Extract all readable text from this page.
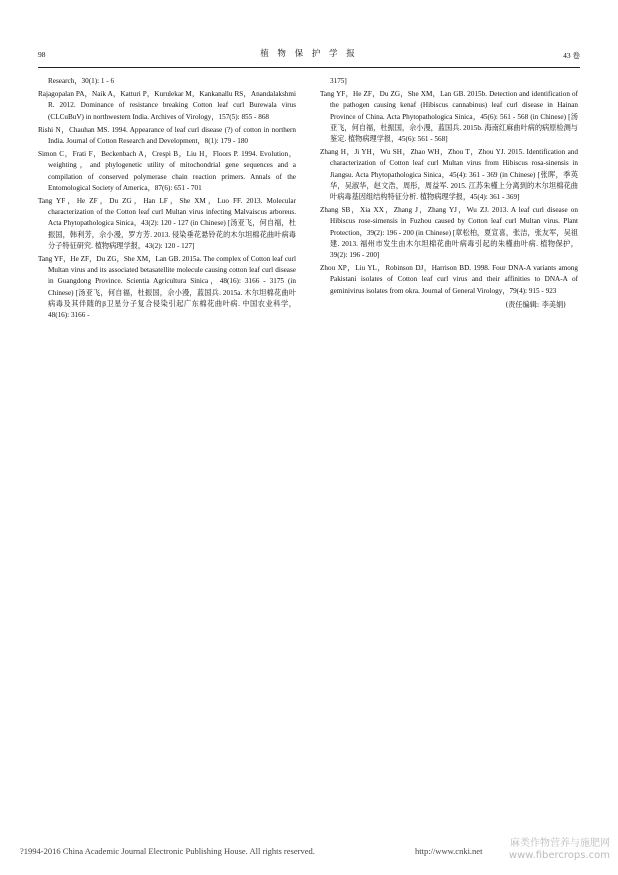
98	植 物 保 护 学 报	43 卷

Research，30(1): 1 - 6

Rajagopalan PA，Naik A，Katturi P，Kurulekar M，Kankanallu RS，Anandalakshmi R. 2012. Dominance of resistance breaking Cotton leaf curl Burewala virus (CLCuBuV) in northwestern India. Archives of Virology，157(5): 855 - 868

Rishi N，Chauhan MS. 1994. Appearance of leaf curl disease (?) of cotton in northern India. Journal of Cotton Research and Development，8(1): 179 - 180

Simon C，Frati F，Beckenbach A，Crespi B，Liu H，Floors P. 1994. Evolution，weighting，and phylogenetic utility of mitochondrial gene sequences and a compilation of conserved polymerase chain reaction primers. Annals of the Entomological Society of America，87(6): 651 - 701

Tang YF，He ZF，Du ZG，Han LF，She XM，Luo FF. 2013. Molecular characterization of the Cotton leaf curl Multan virus infecting Malvaiscus arboreus. Acta Phytopathologica Sinica，43(2): 120 - 127 (in Chinese) [汤亚飞，何自福，杜振国，韩利芳，佘小漫，罗方芳. 2013. 侵染垂花悬铃花的木尔坦棉花曲叶病毒分子特征研究. 植物病理学报，43(2): 120 - 127]

Tang YF，He ZF，Du ZG，She XM，Lan GB. 2015a. The complex of Cotton leaf curl Multan virus and its associated betasatellite molecule causing cotton leaf curl disease in Guangdong Province. Scientia Agricultura Sinica，48(16): 3166 - 3175 (in Chinese) [汤亚飞，何自福，杜振国，佘小漫，蓝国兵. 2015a. 木尔坦棉花曲叶病毒及其伴随的β卫星分子复合侵染引起广东棉花曲叶病. 中国农业科学，48(16): 3166 -

3175]

Tang YF，He ZF，Du ZG，She XM，Lan GB. 2015b. Detection and identification of the pathogen causing kenaf (Hibiscus cannabinus) leaf curl disease in Hainan Province of China. Acta Phytopathologica Sinica，45(6): 561 - 568 (in Chinese) [汤亚飞，何自福，杜振国，佘小漫，蓝国兵. 2015b. 海南红麻曲叶病的病原检测与鉴定. 植物病理学报，45(6): 561 - 568]

Zhang H，Ji YH，Wu SH，Zhao WH，Zhou T，Zhou YJ. 2015. Identification and characterization of Cotton leaf curl Multan virus from Hibiscus rosa-sinensis in Jiangsu. Acta Phytopathologica Sinica，45(4): 361 - 369 (in Chinese) [张晖，季英华，吴淑华，赵文浩，周彤，周益军. 2015. 江苏朱槿上分离到的木尔坦棉花曲叶病毒基因组结构特征分析. 植物病理学报，45(4): 361 - 369]

Zhang SB，Xia XX，Zhang J，Zhang YJ，Wu ZJ. 2013. A leaf curl disease on Hibiscus rose-simensis in Fuzhou caused by Cotton leaf curl Multan virus. Plant Protection，39(2): 196 - 200 (in Chinese) [章松柏，夏宣喜，张洁，张友军，吴祖建. 2013. 福州市发生由木尔坦棉花曲叶病毒引起的朱槿曲叶病. 植物保护，39(2): 196 - 200]

Zhou XP，Liu YL，Robinson DJ，Harrison BD. 1998. Four DNA-A variants among Pakistani isolates of Cotton leaf curl virus and their affinities to DNA-A of geminivirus isolates from okra. Journal of General Virology，79(4): 915 - 923

(责任编辑: 李美娟)
?1994-2016 China Academic Journal Electronic Publishing House. All rights reserved.	http://www.cnki.net
麻类作物营养与施肥网
www.fibercrops.com
